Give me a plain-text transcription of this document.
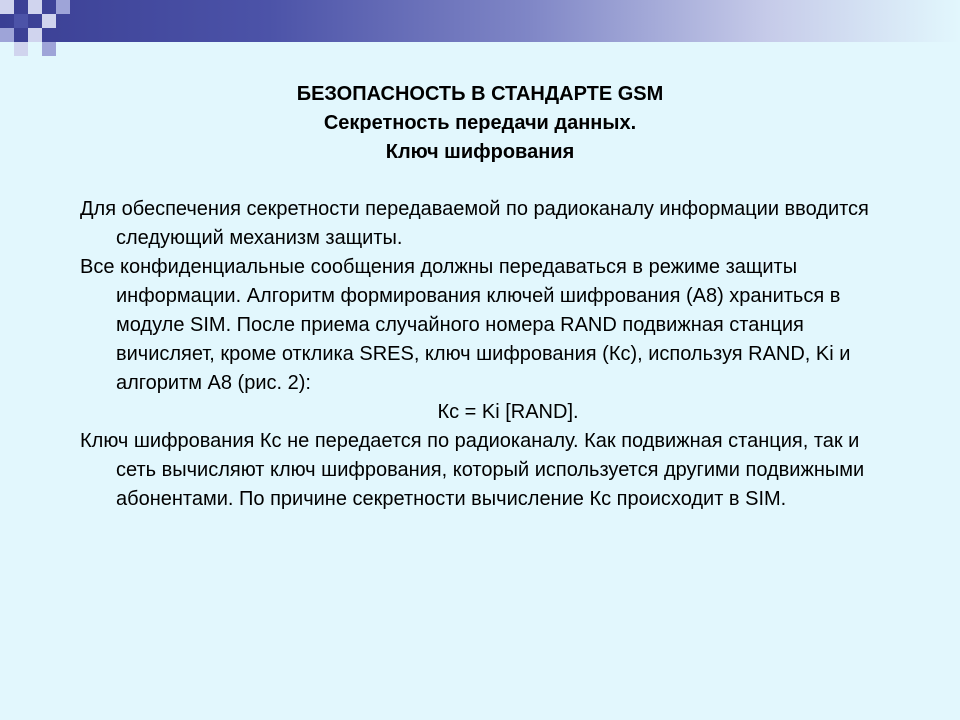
БЕЗОПАСНОСТЬ В СТАНДАРТЕ GSM
Секретность передачи данных.
Ключ шифрования

Для обеспечения секретности передаваемой по радиоканалу информации вводится следующий механизм защиты.

Все конфиденциальные сообщения должны передаваться в режиме защиты информации. Алгоритм формирования ключей шифрования (A8) храниться в модуле SIM. После приема случайного номера RAND подвижная станция вичисляет, кроме отклика SRES, ключ шифрования (Кс), используя RAND, Ki и алгоритм A8 (рис. 2):

Кс = Ki [RAND].

Ключ шифрования Кс не передается по радиоканалу. Как подвижная станция, так и сеть вычисляют ключ шифрования, который используется другими подвижными абонентами. По причине секретности вычисление Кс происходит в SIM.
